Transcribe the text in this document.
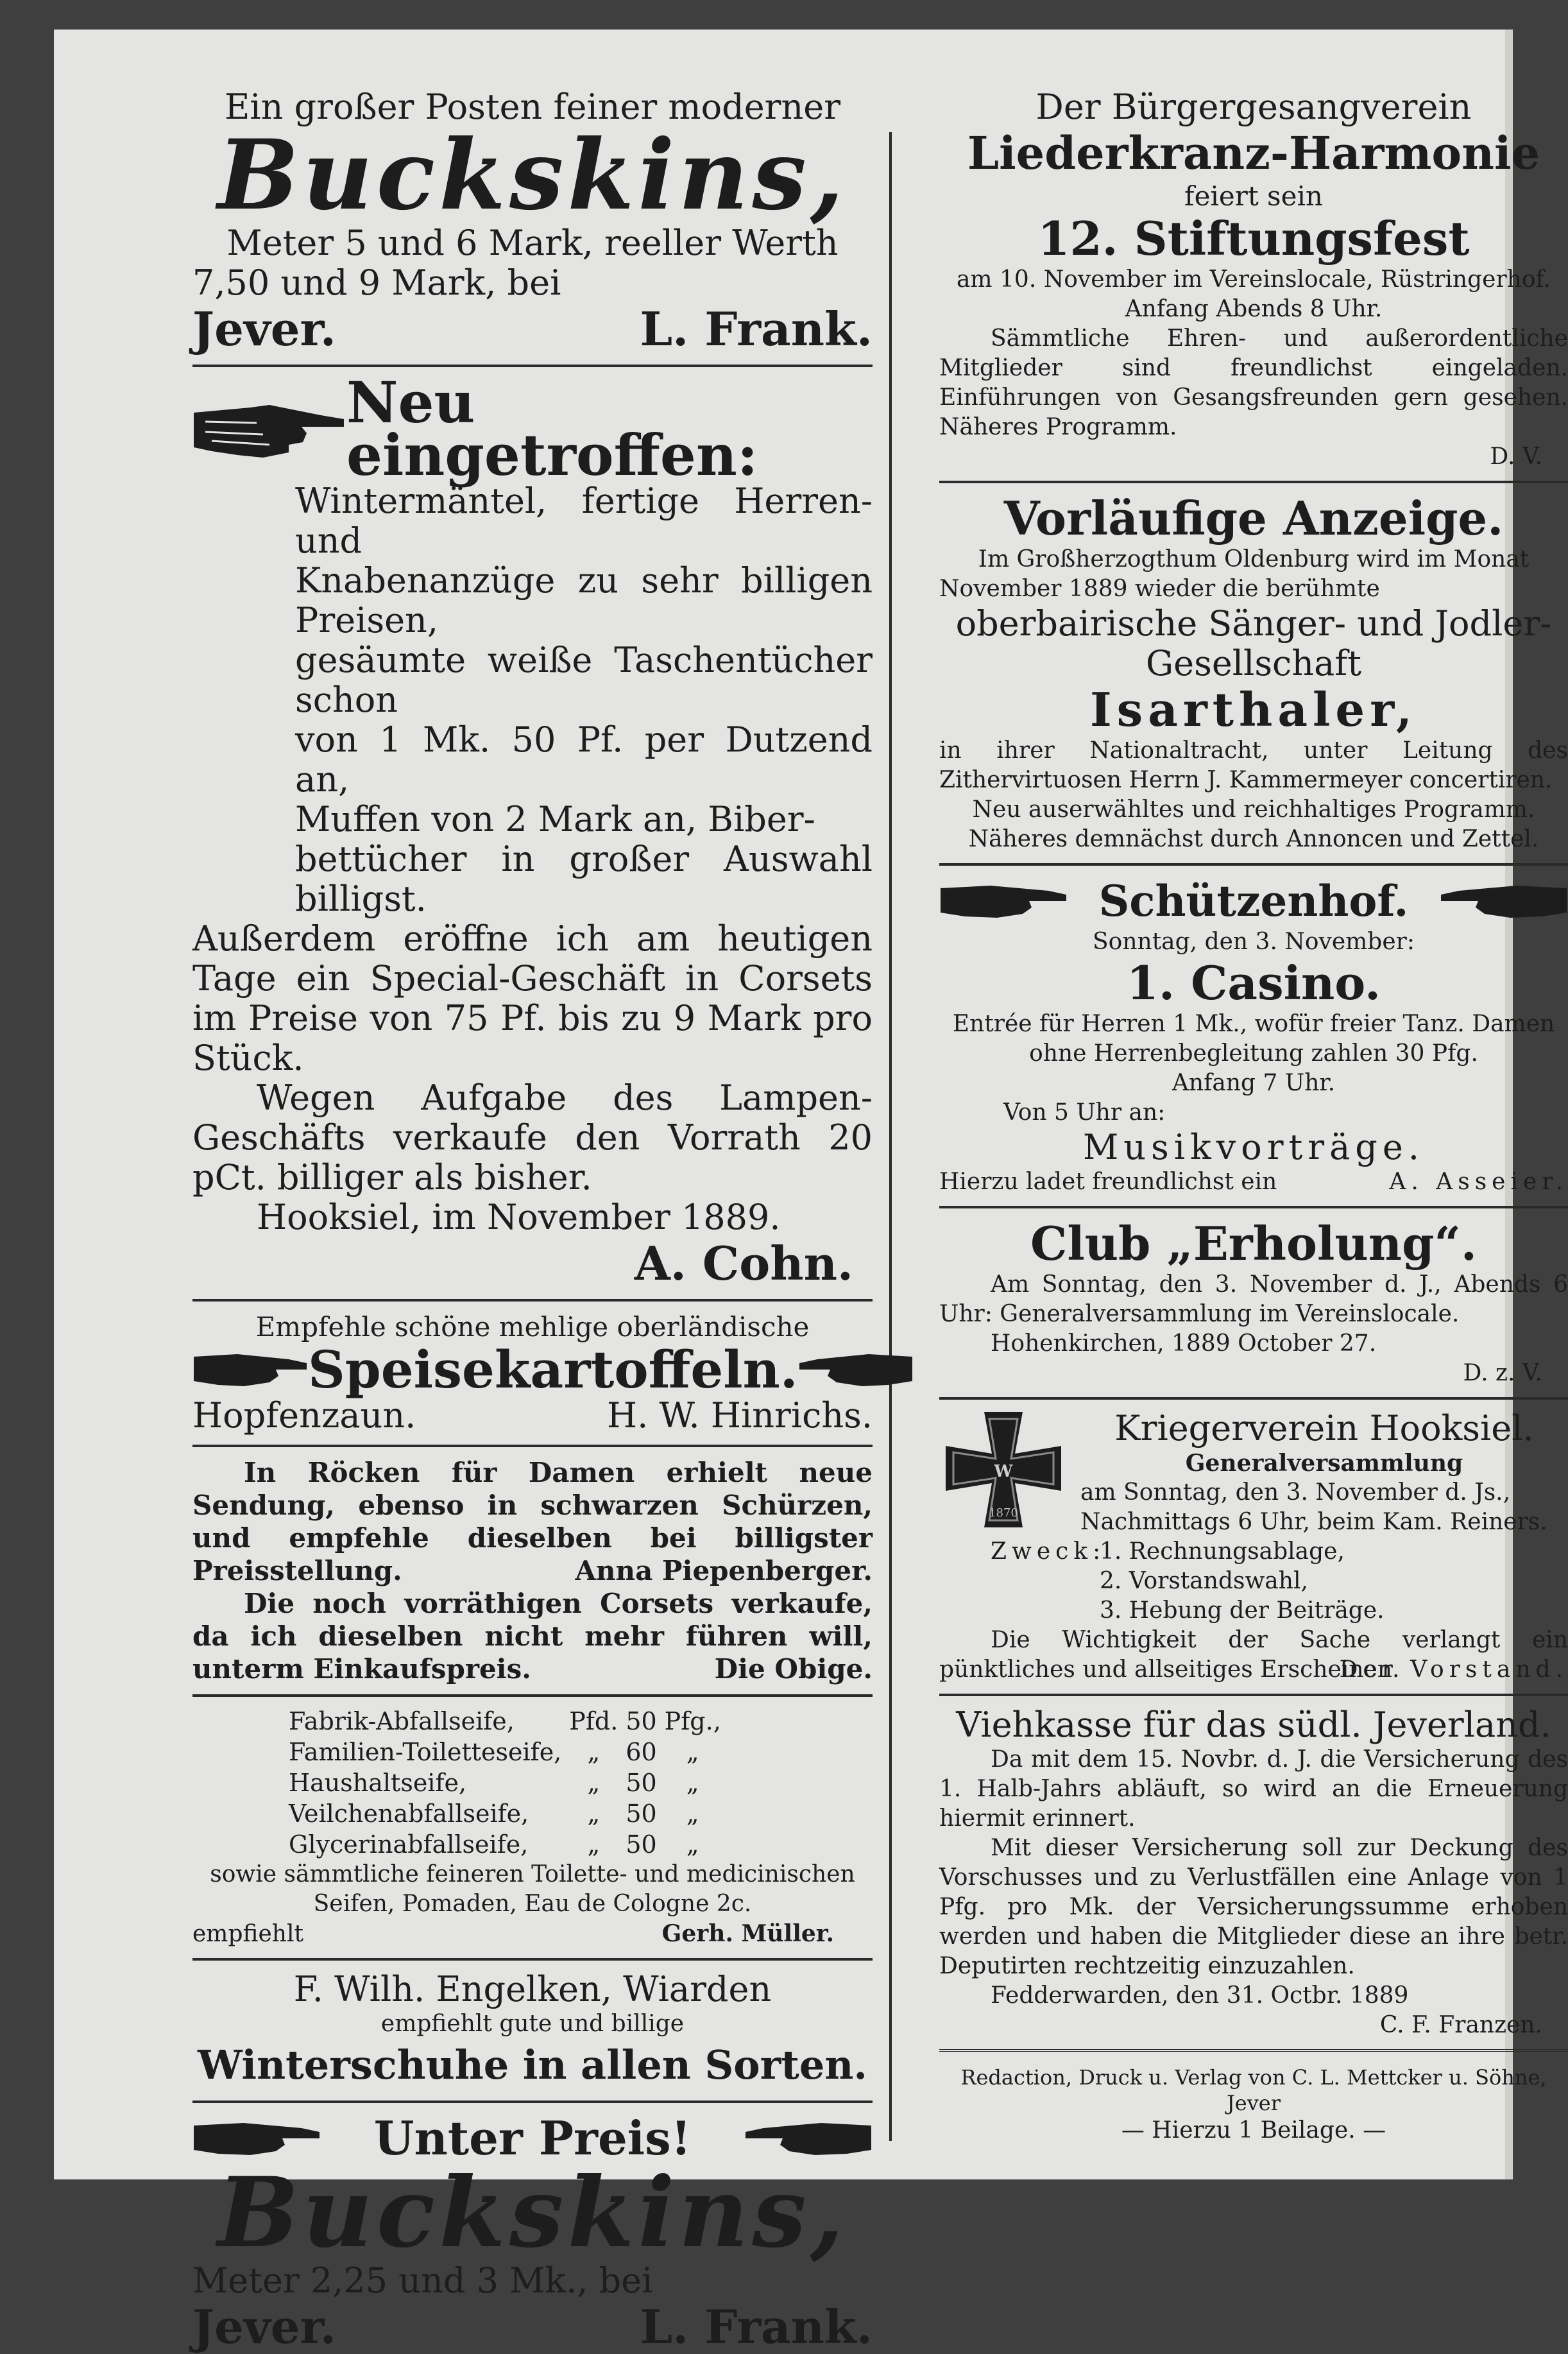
Ein großer Posten feiner moderner
Buckskins,
Meter 5 und 6 Mark, reeller Werth
7,50 und 9 Mark, bei
Jever.	L. Frank.
Neu eingetroffen:
Wintermäntel, fertige Herren- und
Knabenanzüge zu sehr billigen Preisen,
gesäumte weiße Taschentücher schon
von 1 Mk. 50 Pf. per Dutzend an,
Muffen von 2 Mark an, Biber-
bettücher in großer Auswahl billigst.
Außerdem eröffne ich am heutigen Tage ein Special-Geschäft in Corsets im Preise von 75 Pf. bis zu 9 Mark pro Stück.
Wegen Aufgabe des Lampen-Geschäfts verkaufe den Vorrath 20 pCt. billiger als bisher.
Hooksiel, im November 1889.
A. Cohn.
Empfehle schöne mehlige oberländische
Speisekartoffeln.
Hopfenzaun.	H. W. Hinrichs.
In Röcken für Damen erhielt neue Sendung, ebenso in schwarzen Schürzen, und empfehle dieselben bei billigster Preisstellung.	Anna Piepenberger.
Die noch vorräthigen Corsets verkaufe, da ich dieselben nicht mehr führen will, unterm Einkaufspreis.	Die Obige.
Fabrik-Abfallseife,	Pfd.	50	Pfg.,
Familien-Toiletteseife,	„	60	„
Haushaltseife,	„	50	„
Veilchenabfallseife,	„	50	„
Glycerinabfallseife,	„	50	„
sowie sämmtliche feineren Toilette- und medicinischen
Seifen, Pomaden, Eau de Cologne 2c.
empfiehlt	Gerh. Müller.
F. Wilh. Engelken, Wiarden
empfiehlt gute und billige
Winterschuhe in allen Sorten.
Unter Preis!
Buckskins,
Meter 2,25 und 3 Mk., bei
Jever.	L. Frank.
Der Bürgergesangverein
Liederkranz-Harmonie
feiert sein
12. Stiftungsfest
am 10. November im Vereinslocale, Rüstringerhof.
Anfang Abends 8 Uhr.
Sämmtliche Ehren- und außerordentliche Mitglieder sind freundlichst eingeladen. Einführungen von Gesangsfreunden gern gesehen. Näheres Programm.
D. V.
Vorläufige Anzeige.
Im Großherzogthum Oldenburg wird im Monat
November 1889 wieder die berühmte
oberbairische Sänger- und Jodler-
Gesellschaft
Isarthaler,
in ihrer Nationaltracht, unter Leitung des Zithervirtuosen Herrn J. Kammermeyer concertiren.
Neu auserwähltes und reichhaltiges Programm.
Näheres demnächst durch Annoncen und Zettel.
Schützenhof.
Sonntag, den 3. November:
1. Casino.
Entrée für Herren 1 Mk., wofür freier Tanz. Damen
ohne Herrenbegleitung zahlen 30 Pfg.
Anfang 7 Uhr.
Von 5 Uhr an:
Musikvorträge.
Hierzu ladet freundlichst ein	A. Asseier.
Club „Erholung“.
Am Sonntag, den 3. November d. J., Abends 6 Uhr: Generalversammlung im Vereinslocale.
Hohenkirchen, 1889 October 27.
D. z. V.
W
1870
Kriegerverein Hooksiel.
Generalversammlung
am Sonntag, den 3. November d. Js.,
Nachmittags 6 Uhr, beim Kam. Reiners.
Zweck:
1. Rechnungsablage,
2. Vorstandswahl,
3. Hebung der Beiträge.
Die Wichtigkeit der Sache verlangt ein pünktliches und allseitiges Erscheinen.
Der Vorstand.
Viehkasse für das südl. Jeverland.
Da mit dem 15. Novbr. d. J. die Versicherung des 1. Halb-Jahrs abläuft, so wird an die Erneuerung hiermit erinnert.
Mit dieser Versicherung soll zur Deckung des Vorschusses und zu Verlustfällen eine Anlage von 1 Pfg. pro Mk. der Versicherungssumme erhoben werden und haben die Mitglieder diese an ihre betr. Deputirten rechtzeitig einzuzahlen.
Fedderwarden, den 31. Octbr. 1889
C. F. Franzen.
Redaction, Druck u. Verlag von C. L. Mettcker u. Söhne, Jever
— Hierzu 1 Beilage. —
